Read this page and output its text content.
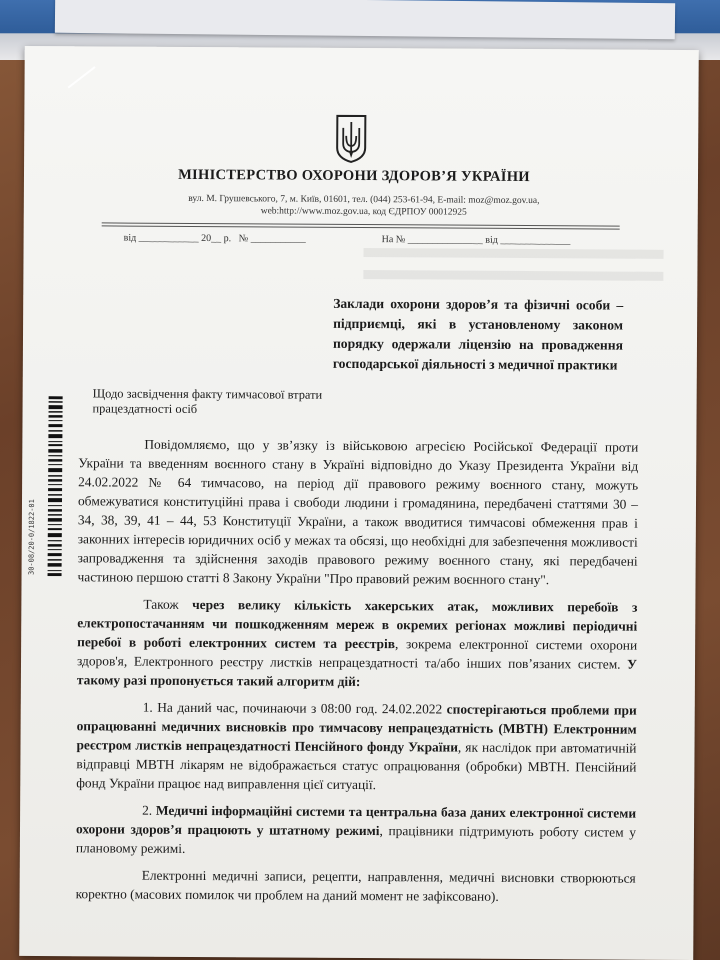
МІНІСТЕРСТВО ОХОРОНИ ЗДОРОВ’Я УКРАЇНИ
вул. М. Грушевського, 7, м. Київ, 01601, тел. (044) 253-61-94, E-mail: moz@moz.gov.ua,
web:http://www.moz.gov.ua, код ЄДРПОУ 00012925
від ____________ 20__ р.   № ___________	На № _______________ від ______________
Заклади охорони здоров’я та фізичні особи – підприємці, які в установленому законом порядку одержали ліцензію на провадження господарської діяльності з медичної практики
Щодо засвідчення факту тимчасової втрати працездатності осіб
30-08/20-0/1822-01

Повідомляємо, що у зв’язку із військовою агресією Російської Федерації проти України та введенням воєнного стану в Україні відповідно до Указу Президента України від 24.02.2022 № 64 тимчасово, на період дії правового режиму воєнного стану, можуть обмежуватися конституційні права і свободи людини і громадянина, передбачені статтями 30 – 34, 38, 39, 41 – 44, 53 Конституції України, а також вводитися тимчасові обмеження прав і законних інтересів юридичних осіб у межах та обсязі, що необхідні для забезпечення можливості запровадження та здійснення заходів правового режиму воєнного стану, які передбачені частиною першою статті 8 Закону України "Про правовий режим воєнного стану".

Також через велику кількість хакерських атак, можливих перебоїв з електропостачанням чи пошкодженням мереж в окремих регіонах можливі періодичні перебої в роботі електронних систем та реєстрів, зокрема електронної системи охорони здоров'я, Електронного реєстру листків непрацездатності та/або інших пов’язаних систем. У такому разі пропонується такий алгоритм дій:

1. На даний час, починаючи з 08:00 год. 24.02.2022 спостерігаються проблеми при опрацюванні медичних висновків про тимчасову непрацездатність (МВТН) Електронним реєстром листків непрацездатності Пенсійного фонду України, як наслідок при автоматичній відправці МВТН лікарям не відображається статус опрацювання (обробки) МВТН. Пенсійний фонд України працює над виправлення цієї ситуації.

2. Медичні інформаційні системи та центральна база даних електронної системи охорони здоров’я працюють у штатному режимі, працівники підтримують роботу систем у плановому режимі.

Електронні медичні записи, рецепти, направлення, медичні висновки створюються коректно (масових помилок чи проблем на даний момент не зафіксовано).
